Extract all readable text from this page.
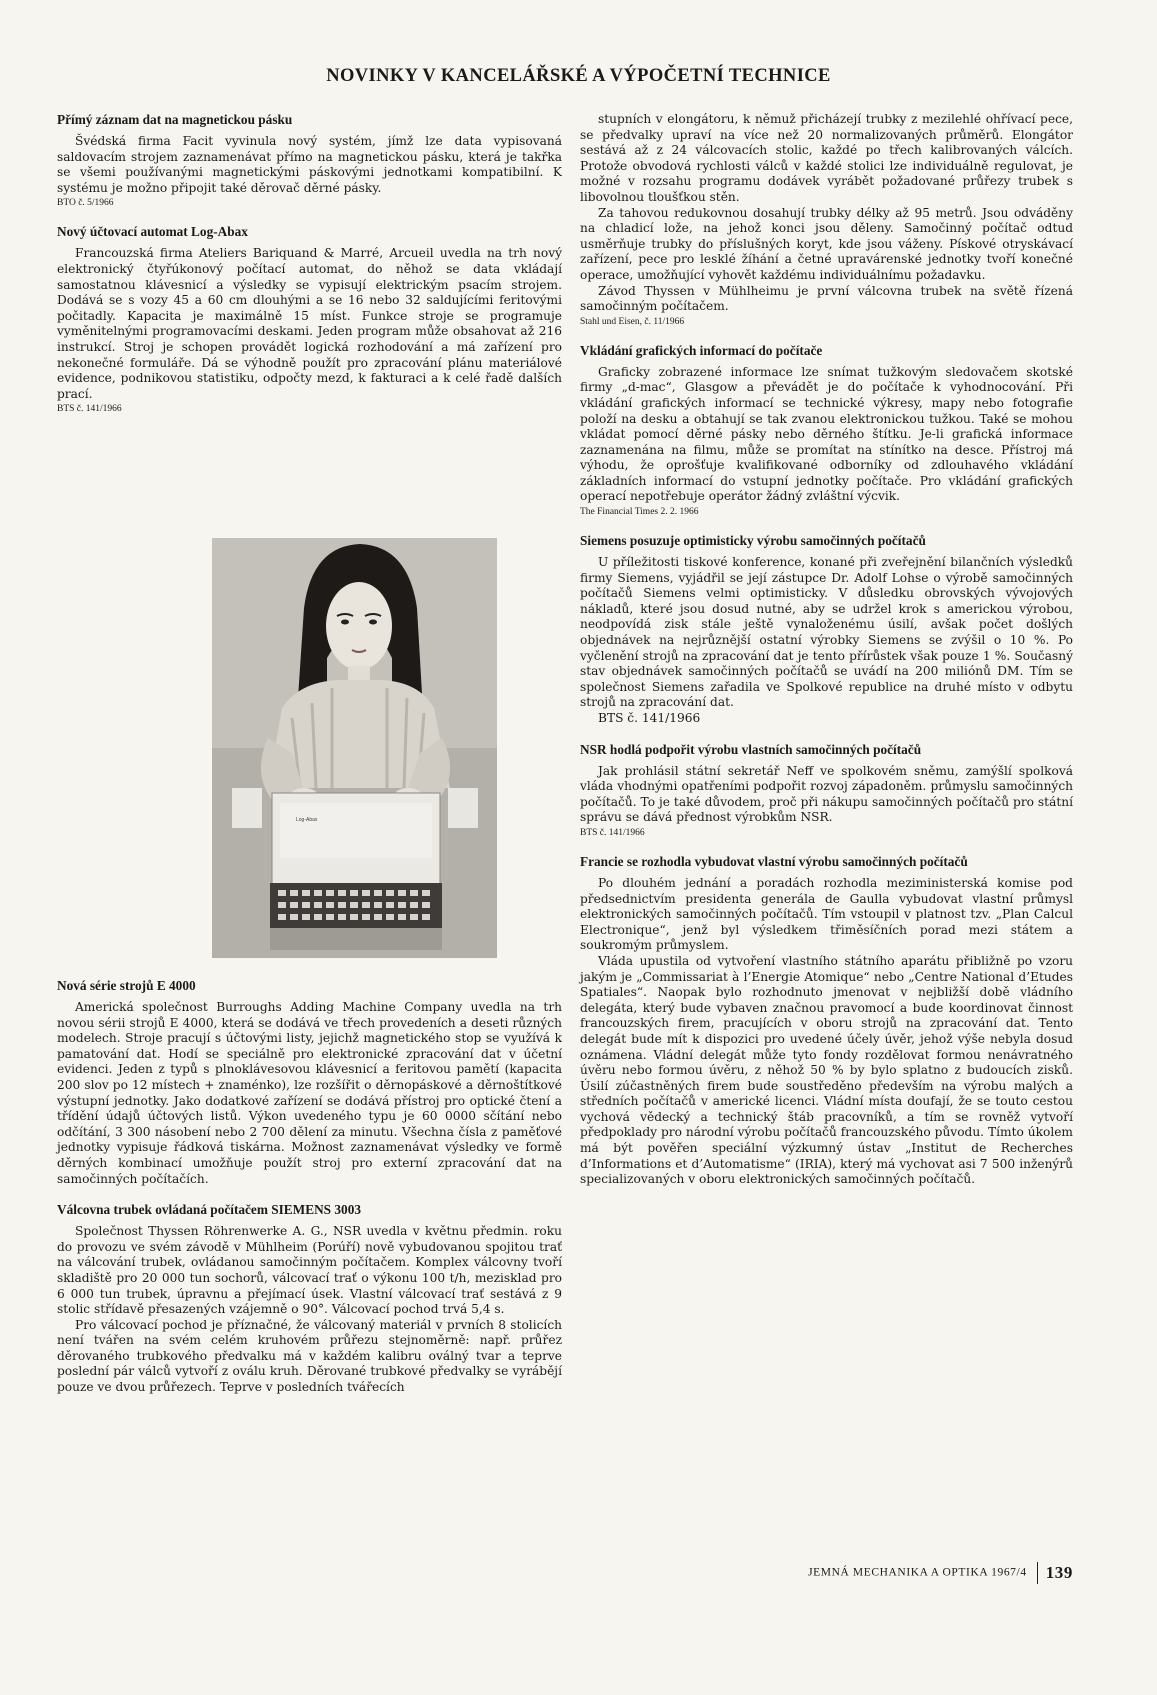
NOVINKY V KANCELÁŘSKÉ A VÝPOČETNÍ TECHNICE
Přímý záznam dat na magnetickou pásku

Švédská firma Facit vyvinula nový systém, jímž lze data vypisovaná saldovacím strojem zaznamenávat přímo na magnetickou pásku, která je takřka se všemi používanými magnetickými páskovými jednotkami kompatibilní. K systému je možno připojit také děrovač děrné pásky.

BTO č. 5/1966
Nový účtovací automat Log-Abax

Francouzská firma Ateliers Bariquand & Marré, Arcueil uvedla na trh nový elektronický čtyřúkonový počítací automat, do něhož se data vkládají samostatnou klávesnicí a výsledky se vypisují elektrickým psacím strojem. Dodává se s vozy 45 a 60 cm dlouhými a se 16 nebo 32 saldujícími feritovými počitadly. Kapacita je maximálně 15 míst. Funkce stroje se programuje vyměnitelnými programovacími deskami. Jeden program může obsahovat až 216 instrukcí. Stroj je schopen provádět logická rozhodování a má zařízení pro nekonečné formuláře. Dá se výhodně použít pro zpracování plánu materiálové evidence, podnikovou statistiku, odpočty mezd, k fakturaci a k celé řadě dalších prací.

BTS č. 141/1966
Log-Abax
Nová série strojů E 4000

Americká společnost Burroughs Adding Machine Company uvedla na trh novou sérii strojů E 4000, která se dodává ve třech provedeních a deseti různých modelech. Stroje pracují s účtovými listy, jejichž magnetického stop se využívá k pamatování dat. Hodí se speciálně pro elektronické zpracování dat v účetní evidenci. Jeden z typů s plnoklávesovou klávesnicí a feritovou pamětí (kapacita 200 slov po 12 místech + znaménko), lze rozšířit o děrnopáskové a děrnoštítkové výstupní jednotky. Jako dodatkové zařízení se dodává přístroj pro optické čtení a třídění údajů účtových listů. Výkon uvedeného typu je 60 0000 sčítání nebo odčítání, 3 300 násobení nebo 2 700 dělení za minutu. Všechna čísla z paměťové jednotky vypisuje řádková tiskárna. Možnost zaznamenávat výsledky ve formě děrných kombinací umožňuje použít stroj pro externí zpracování dat na samočinných počítačích.

Válcovna trubek ovládaná počítačem SIEMENS 3003

Společnost Thyssen Röhrenwerke A. G., NSR uvedla v květnu předmin. roku do provozu ve svém závodě v Mühlheim (Porúří) nově vybudovanou spojitou trať na válcování trubek, ovládanou samočinným počítačem. Komplex válcovny tvoří skladiště pro 20 000 tun sochorů, válcovací trať o výkonu 100 t/h, mezisklad pro 6 000 tun trubek, úpravnu a přejímací úsek. Vlastní válcovací trať sestává z 9 stolic střídavě přesazených vzájemně o 90°. Válcovací pochod trvá 5,4 s.

Pro válcovací pochod je příznačné, že válcovaný materiál v prvních 8 stolicích není tvářen na svém celém kruhovém průřezu stejnoměrně: např. průřez děrovaného trubkového předvalku má v každém kalibru oválný tvar a teprve poslední pár válců vytvoří z oválu kruh. Děrované trubkové předvalky se vyrábějí pouze ve dvou průřezech. Teprve v posledních tvářecích

stupních v elongátoru, k němuž přicházejí trubky z mezilehlé ohřívací pece, se předvalky upraví na více než 20 normalizovaných průměrů. Elongátor sestává až z 24 válcovacích stolic, každé po třech kalibrovaných válcích. Protože obvodová rychlosti válců v každé stolici lze individuálně regulovat, je možné v rozsahu programu dodávek vyrábět požadované průřezy trubek s libovolnou tloušťkou stěn.

Za tahovou redukovnou dosahují trubky délky až 95 metrů. Jsou odváděny na chladicí lože, na jehož konci jsou děleny. Samočinný počítač odtud usměrňuje trubky do příslušných koryt, kde jsou váženy. Pískové otryskávací zařízení, pece pro lesklé žíhání a četné upravárenské jednotky tvoří konečné operace, umožňující vyhovět každému individuálnímu požadavku.

Závod Thyssen v Mühlheimu je první válcovna trubek na světě řízená samočinným počítačem.

Stahl und Eisen, č. 11/1966
Vkládání grafických informací do počítače

Graficky zobrazené informace lze snímat tužkovým sledovačem skotské firmy „d-mac“, Glasgow a převádět je do počítače k vyhodnocování. Při vkládání grafických informací se technické výkresy, mapy nebo fotografie položí na desku a obtahují se tak zvanou elektronickou tužkou. Také se mohou vkládat pomocí děrné pásky nebo děrného štítku. Je-li grafická informace zaznamenána na filmu, může se promítat na stínítko na desce. Přístroj má výhodu, že oprošťuje kvalifikované odborníky od zdlouhavého vkládání základních informací do vstupní jednotky počítače. Pro vkládání grafických operací nepotřebuje operátor žádný zvláštní výcvik.

The Financial Times 2. 2. 1966
Siemens posuzuje optimisticky výrobu samočinných počítačů

U příležitosti tiskové konference, konané při zveřejnění bilančních výsledků firmy Siemens, vyjádřil se její zástupce Dr. Adolf Lohse o výrobě samočinných počítačů Siemens velmi optimisticky. V důsledku obrovských vývojových nákladů, které jsou dosud nutné, aby se udržel krok s americkou výrobou, neodpovídá zisk stále ještě vynaloženému úsilí, avšak počet došlých objednávek na nejrůznější ostatní výrobky Siemens se zvýšil o 10 %. Po vyčlenění strojů na zpracování dat je tento přírůstek však pouze 1 %. Současný stav objednávek samočinných počítačů se uvádí na 200 miliónů DM. Tím se společnost Siemens zařadila ve Spolkové republice na druhé místo v odbytu strojů na zpracování dat.

BTS č. 141/1966

NSR hodlá podpořit výrobu vlastních samočinných počítačů

Jak prohlásil státní sekretář Neff ve spolkovém sněmu, zamýšlí spolková vláda vhodnými opatřeními podpořit rozvoj západoněm. průmyslu samočinných počítačů. To je také důvodem, proč při nákupu samočinných počítačů pro státní správu se dává přednost výrobkům NSR.

BTS č. 141/1966
Francie se rozhodla vybudovat vlastní výrobu samočinných počítačů

Po dlouhém jednání a poradách rozhodla meziministerská komise pod předsednictvím presidenta generála de Gaulla vybudovat vlastní průmysl elektronických samočinných počítačů. Tím vstoupil v platnost tzv. „Plan Calcul Electronique“, jenž byl výsledkem třiměsíčních porad mezi státem a soukromým průmyslem.

Vláda upustila od vytvoření vlastního státního aparátu přibližně po vzoru jakým je „Commissariat à l’Energie Atomique“ nebo „Centre National d’Etudes Spatiales“. Naopak bylo rozhodnuto jmenovat v nejbližší době vládního delegáta, který bude vybaven značnou pravomocí a bude koordinovat činnost francouzských firem, pracujících v oboru strojů na zpracování dat. Tento delegát bude mít k dispozici pro uvedené účely úvěr, jehož výše nebyla dosud oznámena. Vládní delegát může tyto fondy rozdělovat formou nenávratného úvěru nebo formou úvěru, z něhož 50 % by bylo splatno z budoucích zisků. Úsilí zúčastněných firem bude soustředěno především na výrobu malých a středních počítačů v americké licenci. Vládní místa doufají, že se touto cestou vychová vědecký a technický štáb pracovníků, a tím se rovněž vytvoří předpoklady pro národní výrobu počítačů francouzského původu. Tímto úkolem má být pověřen speciální výzkumný ústav „Institut de Recherches d’Informations et d’Automatisme“ (IRIA), který má vychovat asi 7 500 inženýrů specializovaných v oboru elektronických samočinných počítačů.

JEMNÁ MECHANIKA A OPTIKA 1967/4 139
